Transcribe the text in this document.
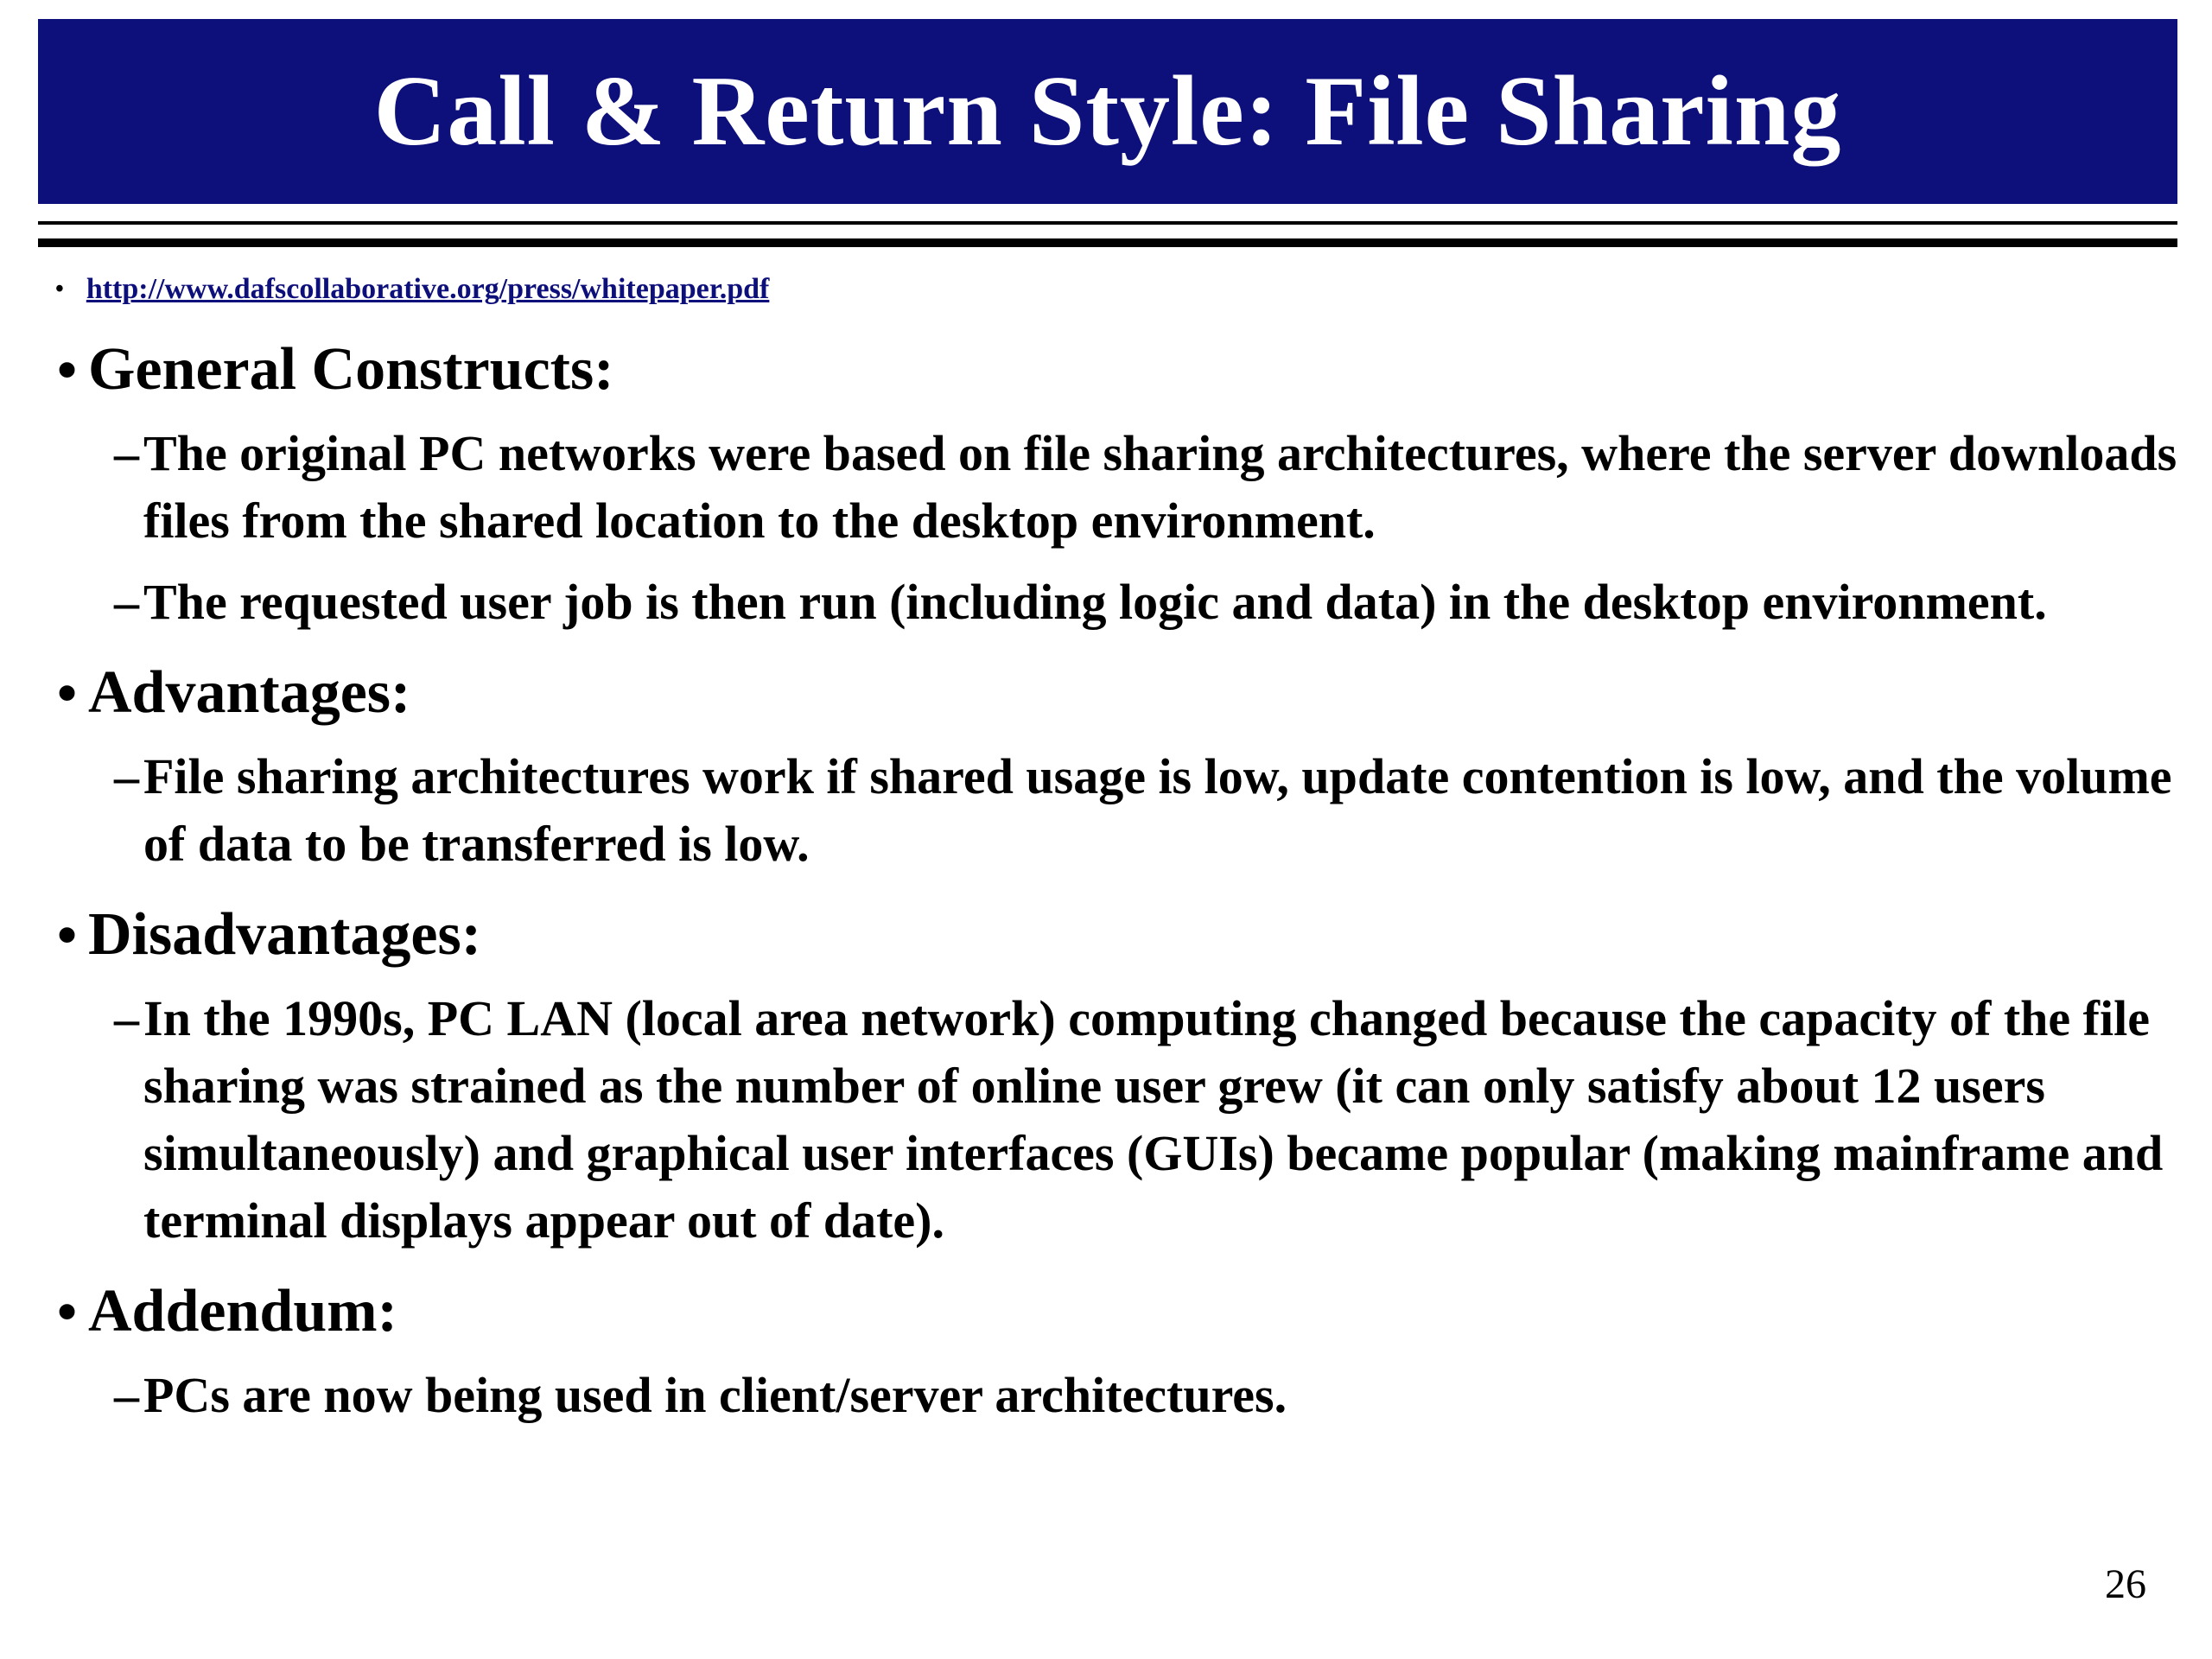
Call & Return Style: File Sharing
• http://www.dafscollaborative.org/press/whitepaper.pdf
• General Constructs:
– The original PC networks were based on file sharing architectures, where the server downloads files from the shared location to the desktop environment.
– The requested user job is then run (including logic and data) in the desktop environment.
• Advantages:
– File sharing architectures work if shared usage is low, update contention is low, and the volume of data to be transferred is low.
• Disadvantages:
– In the 1990s, PC LAN (local area network) computing changed because the capacity of the file sharing was strained as the number of online user grew (it can only satisfy about 12 users simultaneously) and graphical user interfaces (GUIs) became popular (making mainframe and terminal displays appear out of date).
• Addendum:
– PCs are now being used in client/server architectures.
26
